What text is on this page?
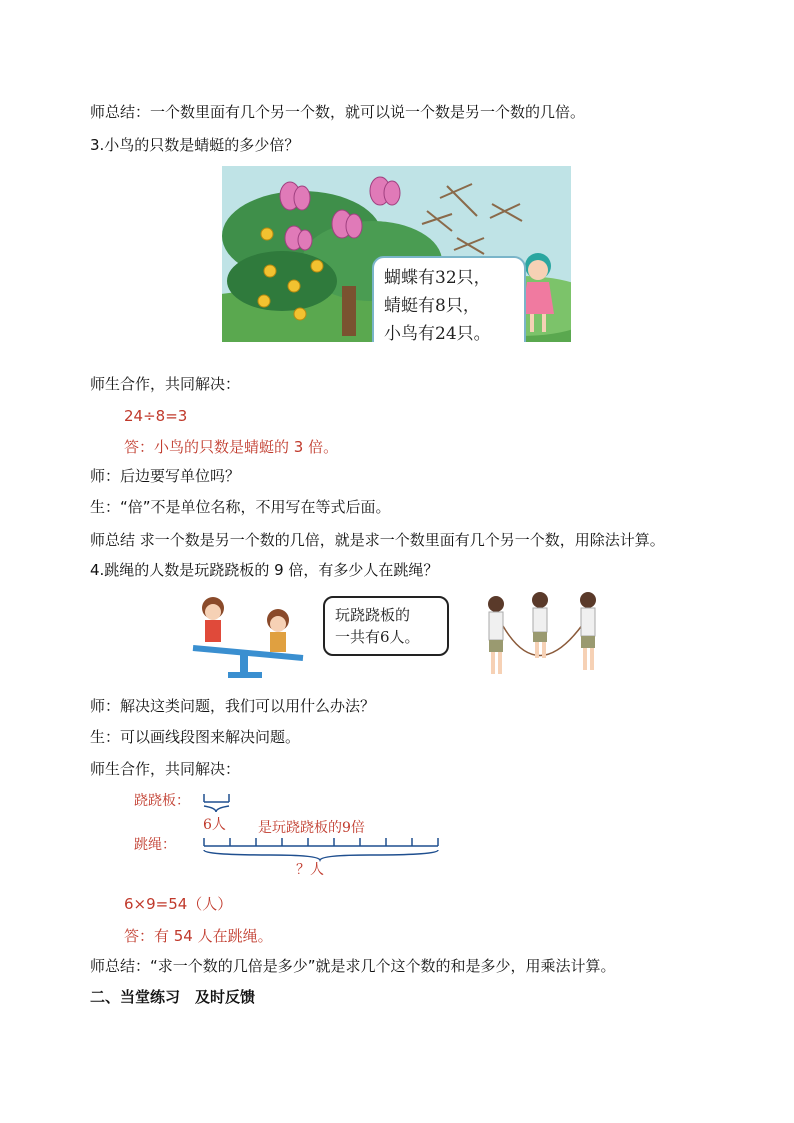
师总结：一个数里面有几个另一个数，就可以说一个数是另一个数的几倍。
3.小鸟的只数是蜻蜓的多少倍？
蝴蝶有32只，
蜻蜓有8只，
小鸟有24只。
师生合作，共同解决：
24÷8=3
答：小鸟的只数是蜻蜓的 3 倍。
师：后边要写单位吗？
生：“倍”不是单位名称，不用写在等式后面。
师总结 求一个数是另一个数的几倍，就是求一个数里面有几个另一个数，用除法计算。
4.跳绳的人数是玩跷跷板的 9 倍，有多少人在跳绳？
玩跷跷板的
一共有6人。
师：解决这类问题，我们可以用什么办法？
生：可以画线段图来解决问题。
师生合作，共同解决：
跷跷板：
跳绳：
6人 是玩跷跷板的9倍
？人
6×9=54（人）
答：有 54 人在跳绳。
师总结：“求一个数的几倍是多少”就是求几个这个数的和是多少，用乘法计算。
二、当堂练习　及时反馈
